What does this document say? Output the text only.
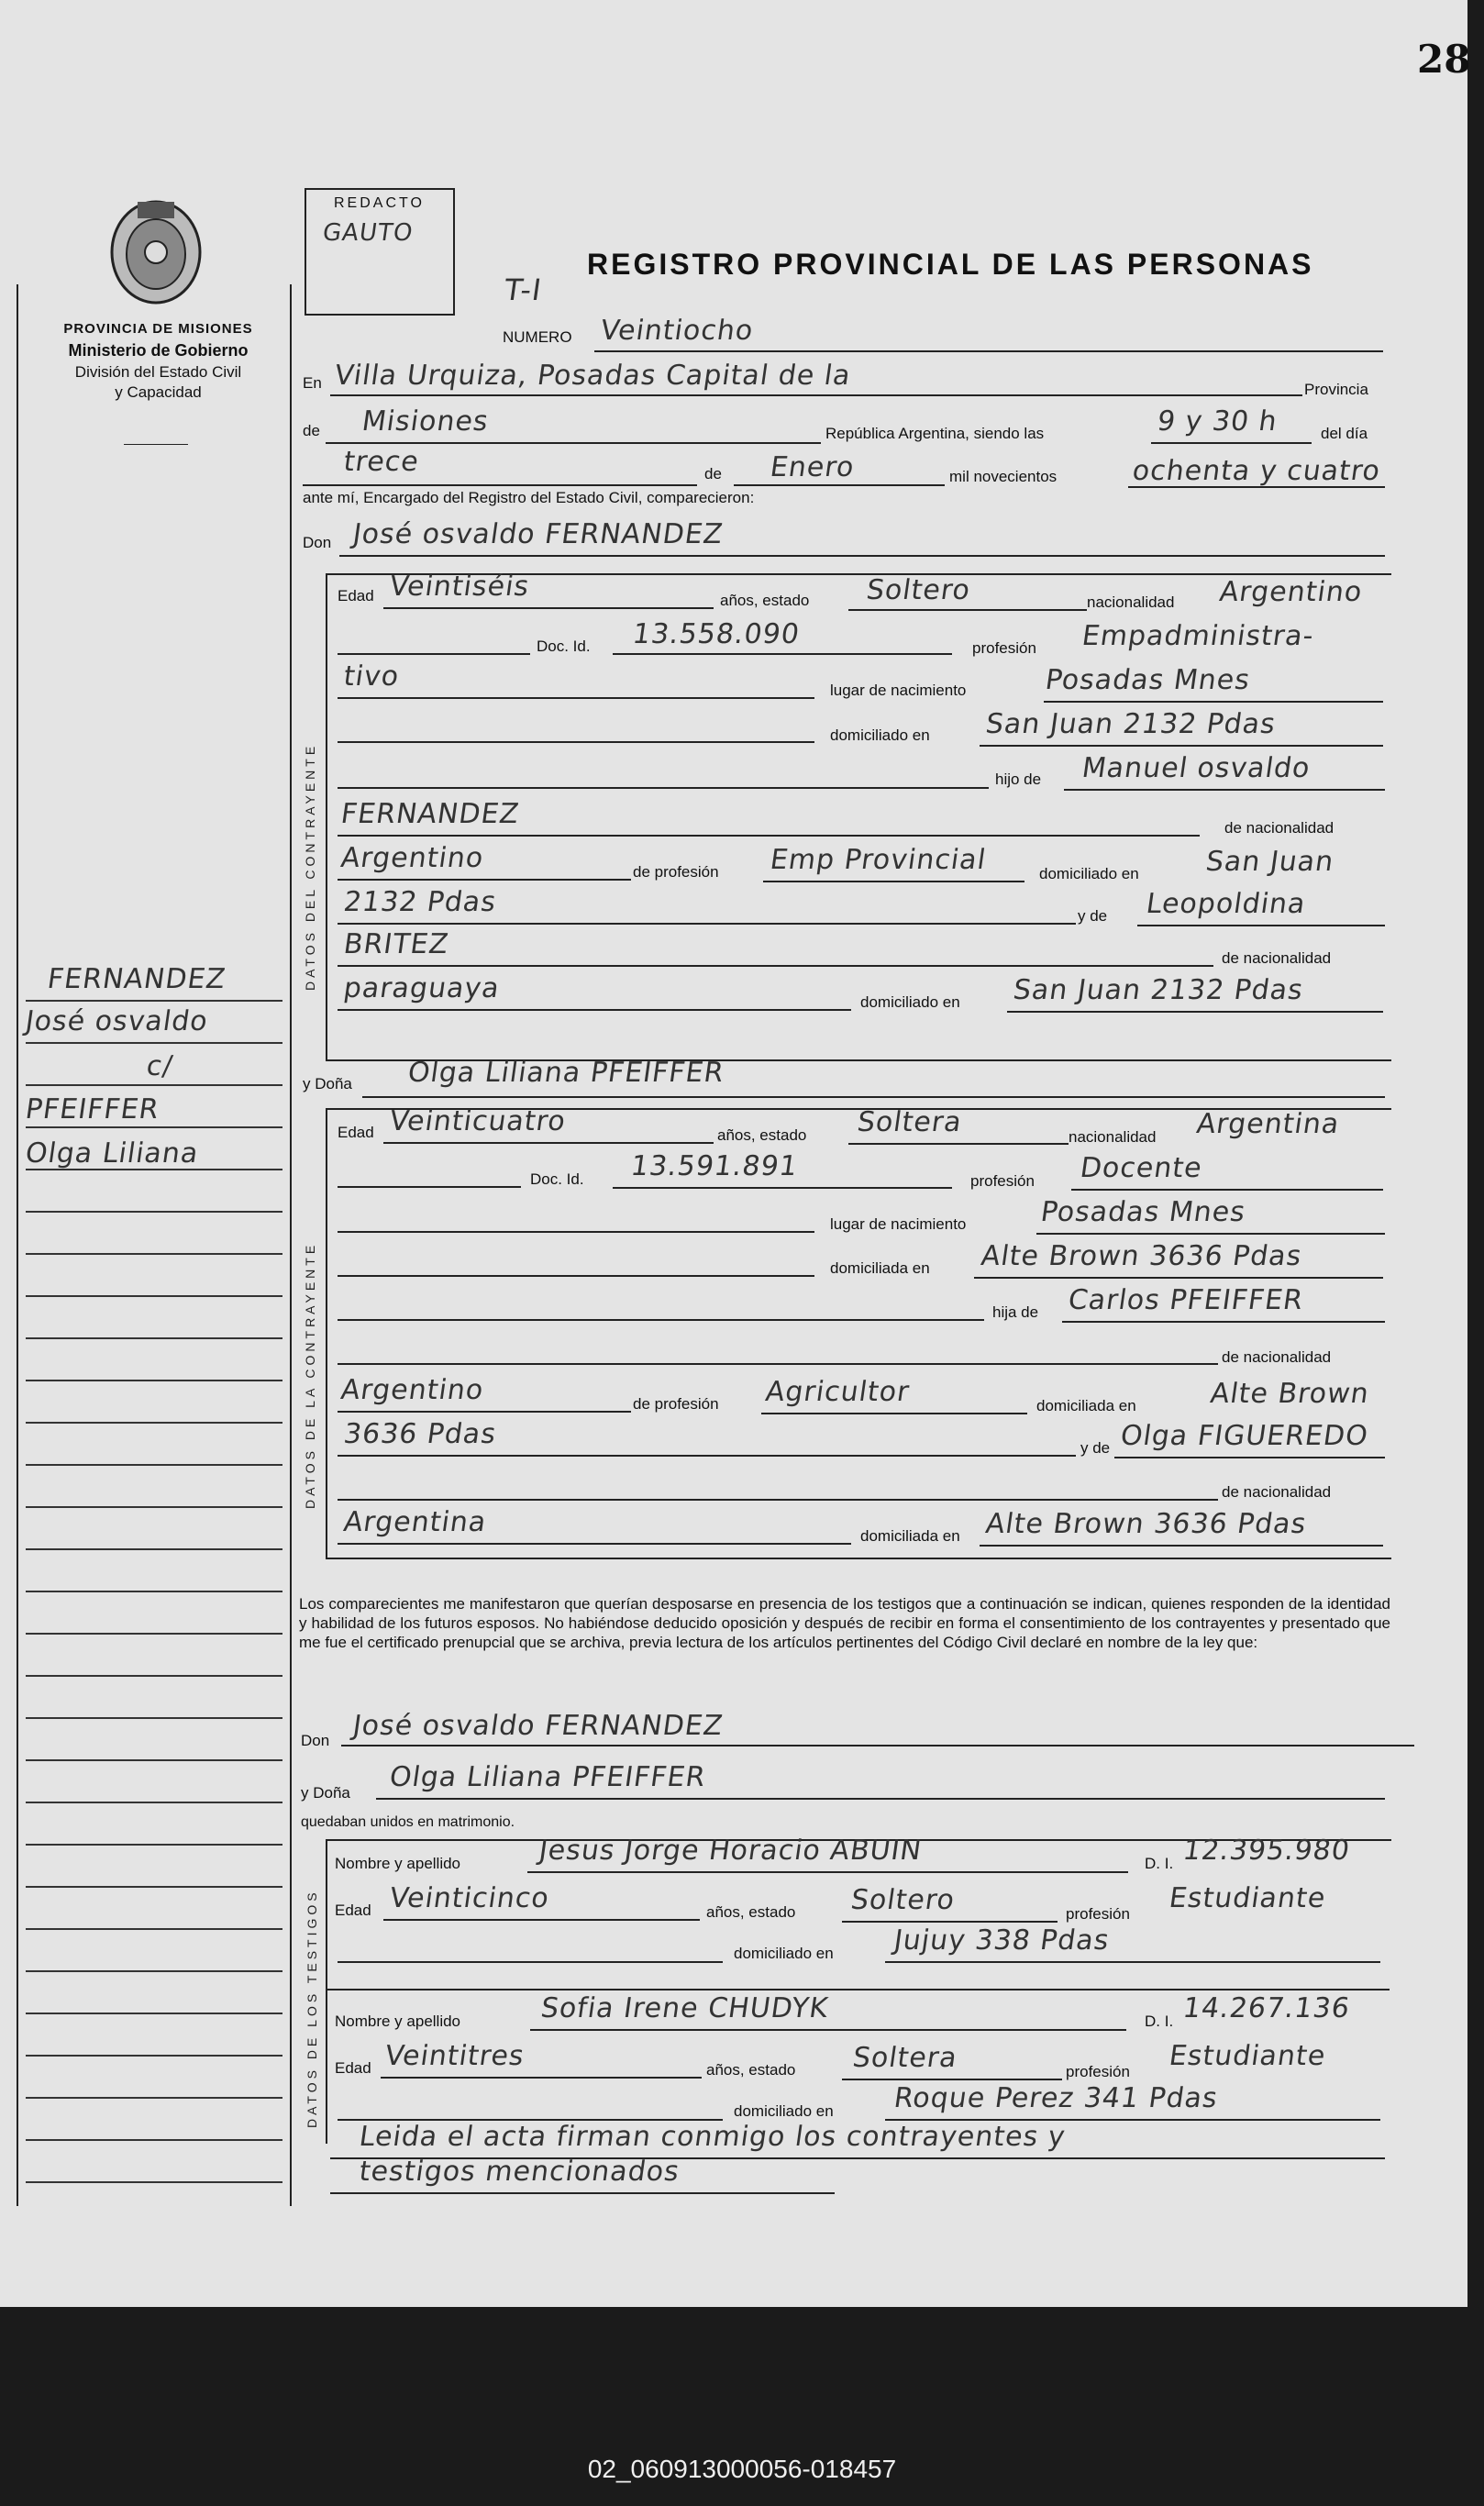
28
PROVINCIA DE MISIONES
Ministerio de Gobierno
División del Estado Civil
y Capacidad
REDACTO
GAUTO
REGISTRO PROVINCIAL DE LAS PERSONAS
T-I
NUMERO Veintiocho
En Villa Urquiza, Posadas Capital de la	Provincia
de Misiones	República Argentina, siendo las	9 y 30 h	del día
trece	de Enero	mil novecientos	ochenta y cuatro
ante mí, Encargado del Registro del Estado Civil, comparecieron:
Don José osvaldo FERNANDEZ
DATOS DEL CONTRAYENTE
Edad Veintiséis	años, estado Soltero	nacionalidad Argentino
Doc. Id. 13.558.090	profesión Empadministra-
tivo	lugar de nacimiento	Posadas Mnes
domiciliado en San Juan 2132 Pdas
hijo de Manuel osvaldo
FERNANDEZ	de nacionalidad
Argentino	de profesión Emp Provincial	domiciliado en San Juan
2132 Pdas	y de Leopoldina
BRITEZ	de nacionalidad
paraguaya	domiciliado en San Juan 2132 Pdas
y Doña Olga Liliana PFEIFFER
DATOS DE LA CONTRAYENTE
Edad Veinticuatro	años, estado Soltera	nacionalidad Argentina
Doc. Id. 13.591.891	profesión Docente
lugar de nacimiento	Posadas Mnes
domiciliada en Alte Brown 3636 Pdas
hija de Carlos PFEIFFER
de nacionalidad
Argentino	de profesión Agricultor	domiciliada en	Alte Brown
3636 Pdas	y de Olga FIGUEREDO
de nacionalidad
Argentina	domiciliada en Alte Brown 3636 Pdas
Los comparecientes me manifestaron que querían desposarse en presencia de los testigos que a continuación se indican, quienes responden de la identidad y habilidad de los futuros esposos. No habiéndose deducido oposición y después de recibir en forma el consentimiento de los contrayentes y presentado que me fue el certificado prenupcial que se archiva, previa lectura de los artículos pertinentes del Código Civil declaré en nombre de la ley que:
Don José osvaldo FERNANDEZ
y Doña Olga Liliana PFEIFFER
quedaban unidos en matrimonio.
DATOS DE LOS TESTIGOS
Nombre y apellido	Jesus Jorge Horacio ABUIN	D. I. 12.395.980
Edad Veinticinco	años, estado Soltero	profesión Estudiante
domiciliado en Jujuy 338 Pdas
Nombre y apellido	Sofia Irene CHUDYK	D. I. 14.267.136
Edad Veintitres	años, estado Soltera	profesión Estudiante
domiciliado en Roque Perez 341 Pdas
Leida el acta firman conmigo los contrayentes y
testigos mencionados
FERNANDEZ
José osvaldo
c/
PFEIFFER
Olga Liliana
02_060913000056-018457
